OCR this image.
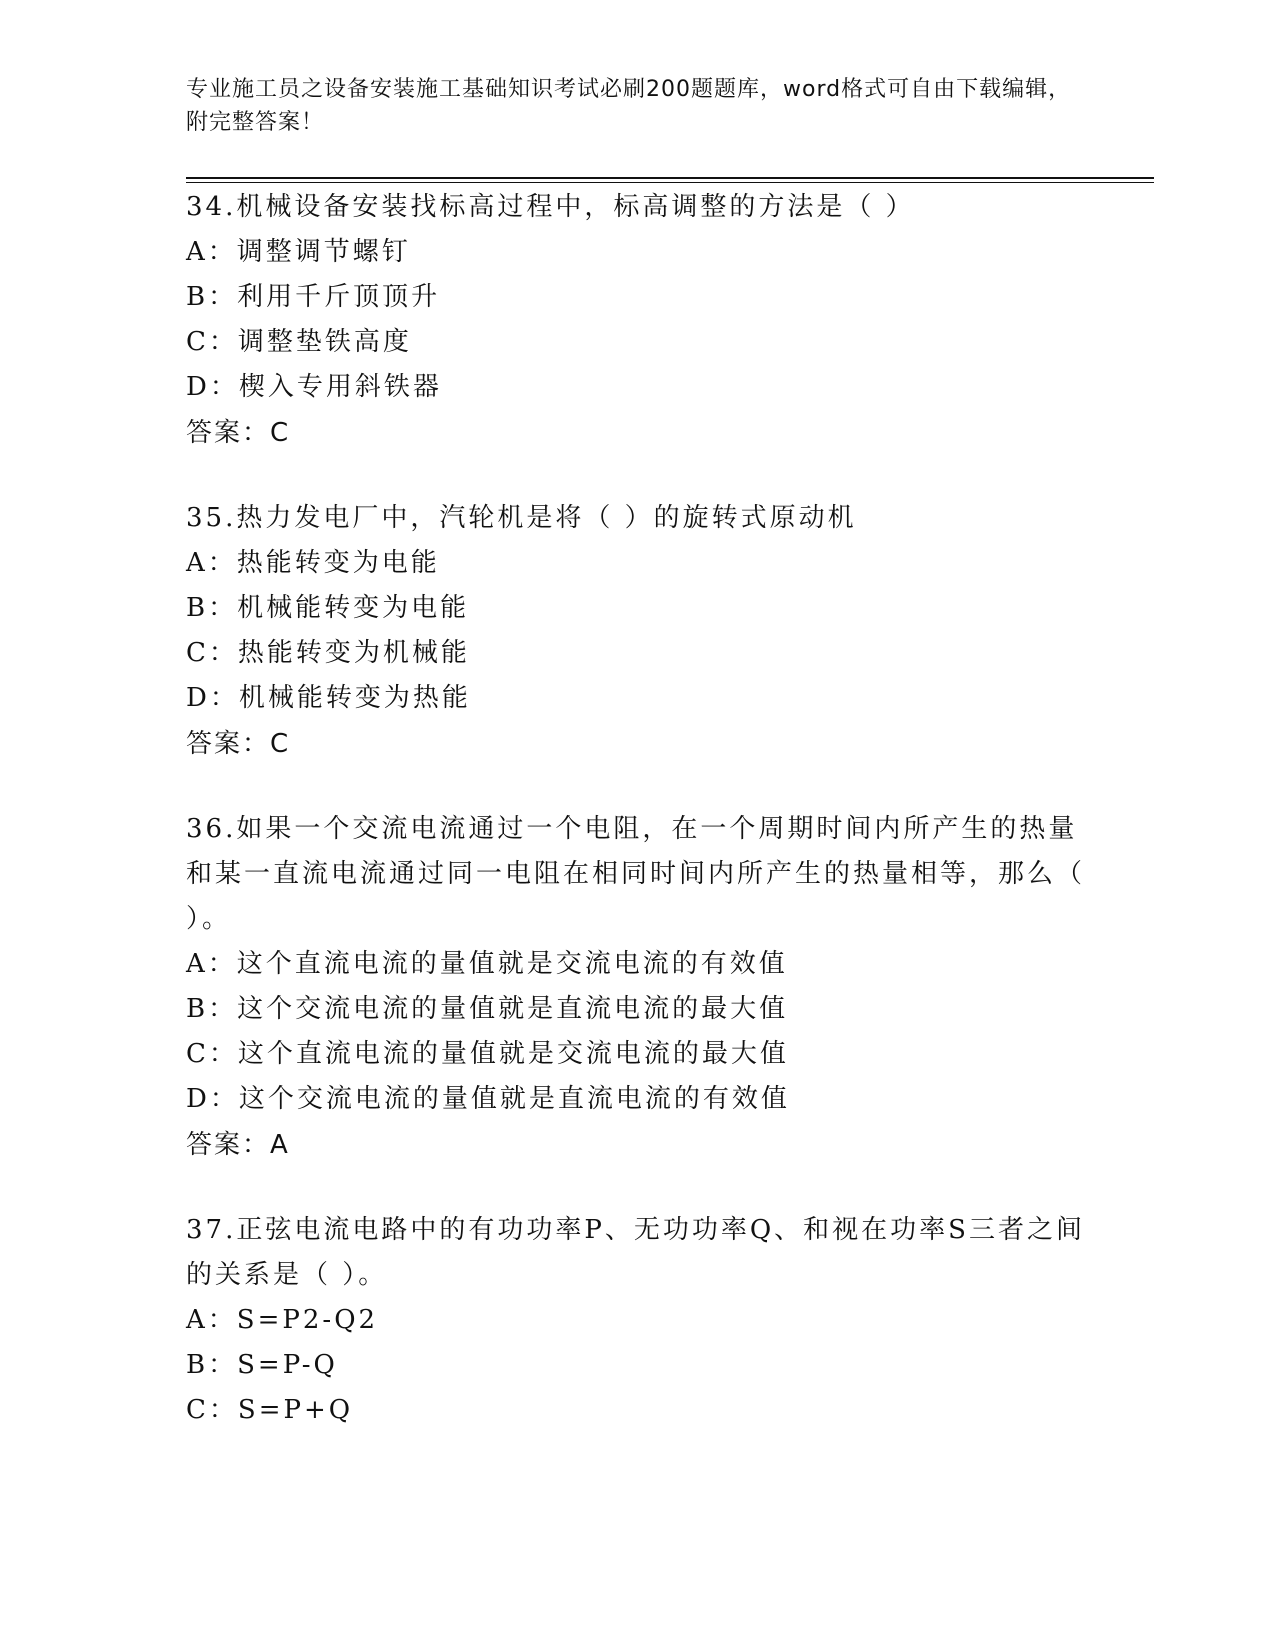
专业施工员之设备安装施工基础知识考试必刷200题题库，word格式可自由下载编辑，附完整答案！
34.机械设备安装找标高过程中，标高调整的方法是（ ）
A：调整调节螺钉
B：利用千斤顶顶升
C：调整垫铁高度
D：楔入专用斜铁器
答案：C
35.热力发电厂中，汽轮机是将（ ）的旋转式原动机
A：热能转变为电能
B：机械能转变为电能
C：热能转变为机械能
D：机械能转变为热能
答案：C
36.如果一个交流电流通过一个电阻，在一个周期时间内所产生的热量和某一直流电流通过同一电阻在相同时间内所产生的热量相等，那么（ ）。
A：这个直流电流的量值就是交流电流的有效值
B：这个交流电流的量值就是直流电流的最大值
C：这个直流电流的量值就是交流电流的最大值
D：这个交流电流的量值就是直流电流的有效值
答案：A
37.正弦电流电路中的有功功率P、无功功率Q、和视在功率S三者之间的关系是（ ）。
A：S=P2-Q2
B：S=P-Q
C：S=P+Q
